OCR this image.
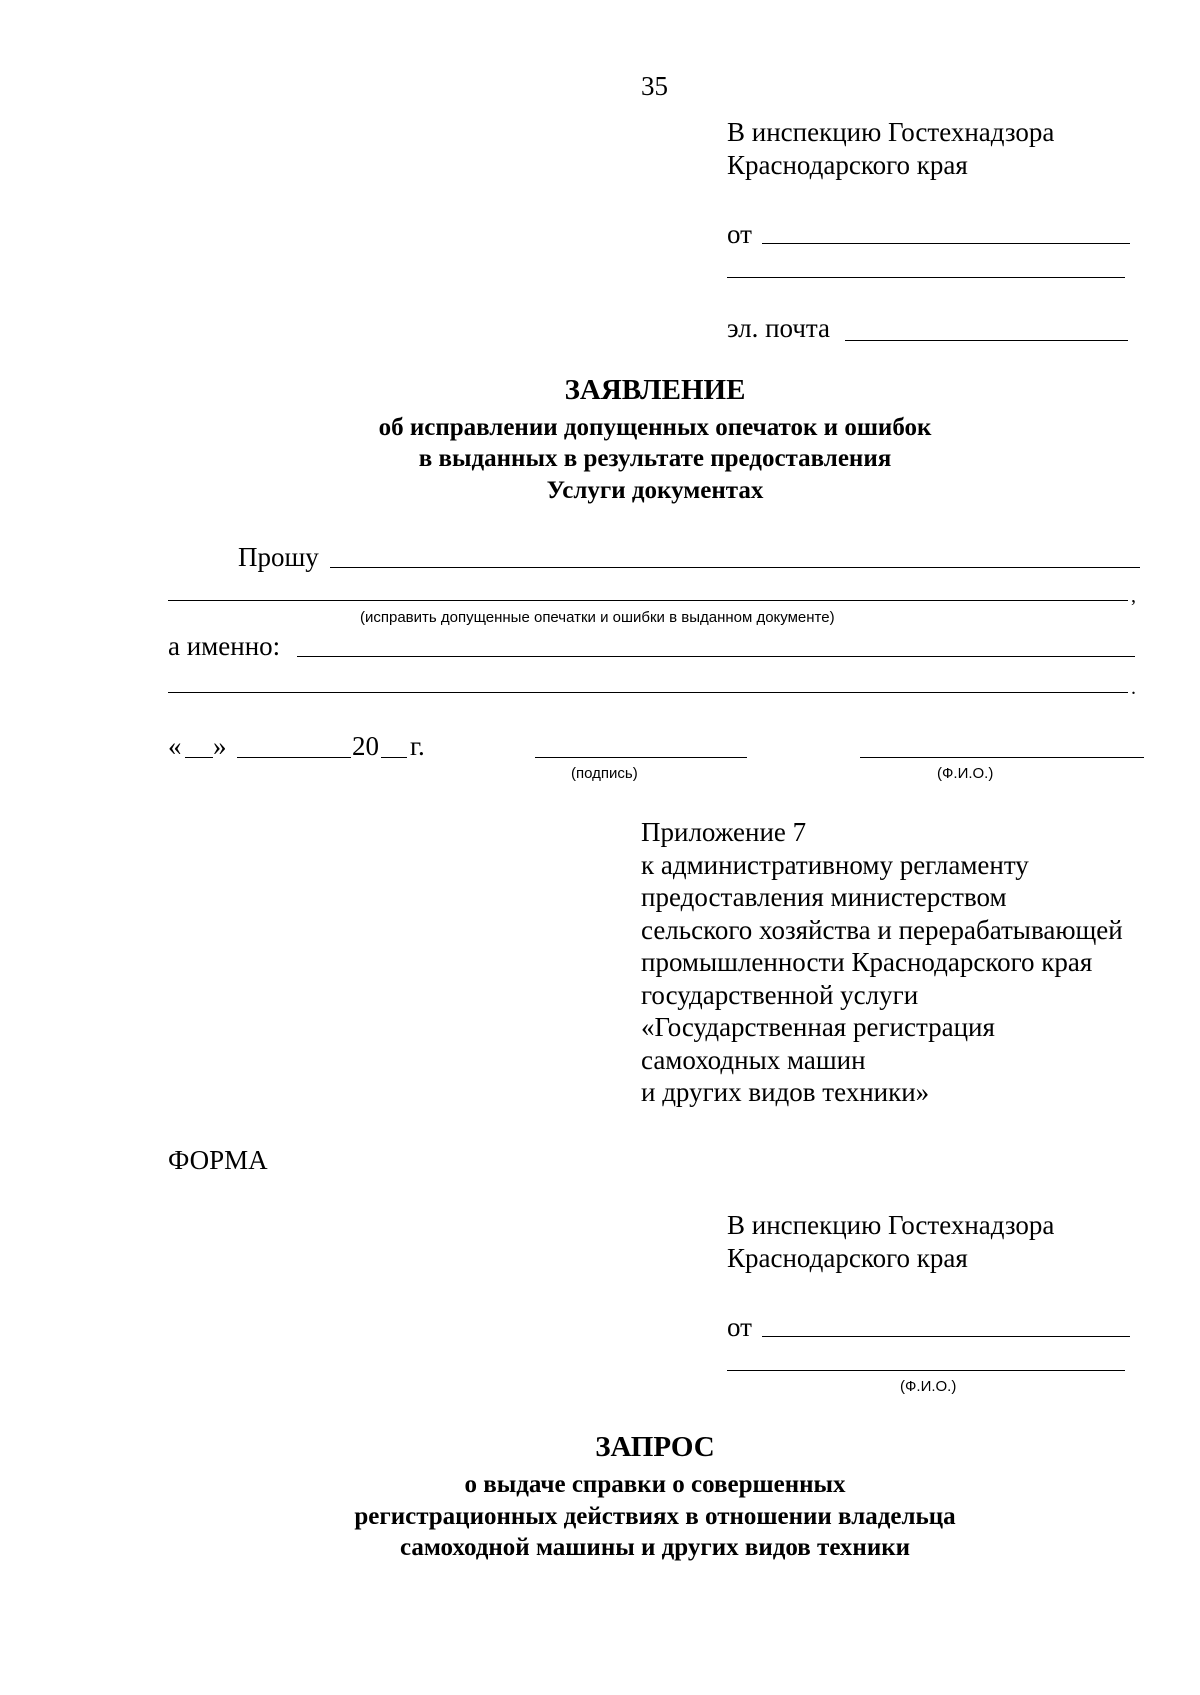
35
В инспекцию Гостехнадзора
Краснодарского края
от
эл. почта
ЗАЯВЛЕНИЕ
об исправлении допущенных опечаток и ошибок
в выданных в результате предоставления
Услуги документах
Прошу
,
(исправить допущенные опечатки и ошибки в выданном документе)
а именно:
.
« »	20 г.
(подпись)	(Ф.И.О.)
Приложение 7
к административному регламенту
предоставления министерством
сельского хозяйства и перерабатывающей
промышленности Краснодарского края
государственной услуги
«Государственная регистрация
самоходных машин
и других видов техники»
ФОРМА
В инспекцию Гостехнадзора
Краснодарского края
от
(Ф.И.О.)
ЗАПРОС
о выдаче справки о совершенных
регистрационных действиях в отношении владельца
самоходной машины и других видов техники
